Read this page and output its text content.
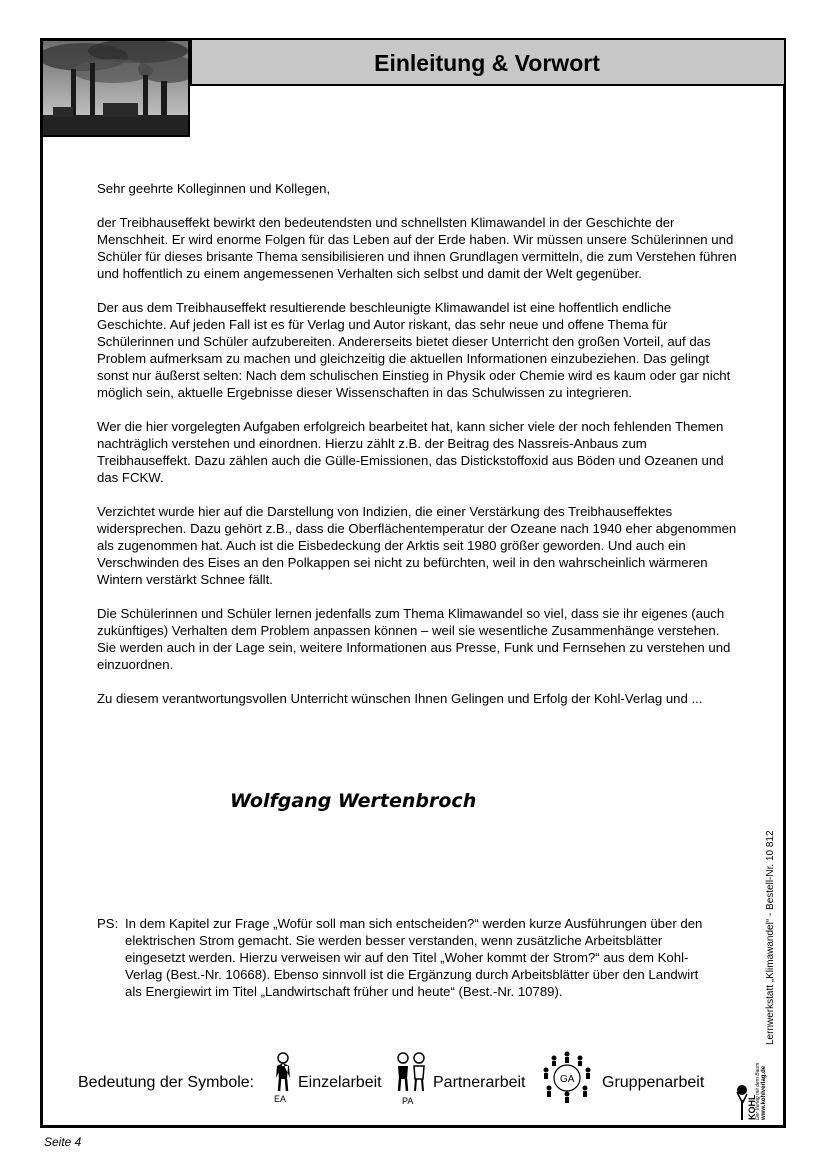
Einleitung & Vorwort

Sehr geehrte Kolleginnen und Kollegen,

der Treibhauseffekt bewirkt den bedeutendsten und schnellsten Klimawandel in der Geschichte der Menschheit. Er wird enorme Folgen für das Leben auf der Erde haben. Wir müssen unsere Schülerinnen und Schüler für dieses brisante Thema sensibilisieren und ihnen Grundlagen vermitteln, die zum Verstehen führen und hoffentlich zu einem angemessenen Verhalten sich selbst und damit der Welt gegenüber.

Der aus dem Treibhauseffekt resultierende beschleunigte Klimawandel ist eine hoffentlich endliche Geschichte. Auf jeden Fall ist es für Verlag und Autor riskant, das sehr neue und offene Thema für Schülerinnen und Schüler aufzubereiten. Andererseits bietet dieser Unterricht den großen Vorteil, auf das Problem aufmerksam zu machen und gleichzeitig die aktuellen Informationen einzubeziehen. Das gelingt sonst nur äußerst selten: Nach dem schulischen Einstieg in Physik oder Chemie wird es kaum oder gar nicht möglich sein, aktuelle Ergebnisse dieser Wissenschaften in das Schulwissen zu integrieren.

Wer die hier vorgelegten Aufgaben erfolgreich bearbeitet hat, kann sicher viele der noch fehlenden Themen nachträglich verstehen und einordnen. Hierzu zählt z.B. der Beitrag des Nassreis-Anbaus zum Treibhauseffekt. Dazu zählen auch die Gülle-Emissionen, das Distickstoffoxid aus Böden und Ozeanen und das FCKW.

Verzichtet wurde hier auf die Darstellung von Indizien, die einer Verstärkung des Treibhauseffektes widersprechen. Dazu gehört z.B., dass die Oberflächentemperatur der Ozeane nach 1940 eher abgenommen als zugenommen hat. Auch ist die Eisbedeckung der Arktis seit 1980 größer geworden. Und auch ein Verschwinden des Eises an den Polkappen sei nicht zu befürchten, weil in den wahrscheinlich wärmeren Wintern verstärkt Schnee fällt.

Die Schülerinnen und Schüler lernen jedenfalls zum Thema Klimawandel so viel, dass sie ihr eigenes (auch zukünftiges) Verhalten dem Problem anpassen können – weil sie wesentliche Zusammenhänge verstehen. Sie werden auch in der Lage sein, weitere Informationen aus Presse, Funk und Fernsehen zu verstehen und einzuordnen.

Zu diesem verantwortungsvollen Unterricht wünschen Ihnen Gelingen und Erfolg der Kohl-Verlag und ...

Wolfgang Wertenbroch
PS: In dem Kapitel zur Frage „Wofür soll man sich entscheiden?“ werden kurze Ausführungen über den elektrischen Strom gemacht. Sie werden besser verstanden, wenn zusätzliche Arbeitsblätter eingesetzt werden. Hierzu verweisen wir auf den Titel „Woher kommt der Strom?“ aus dem Kohl-Verlag (Best.-Nr. 10668). Ebenso sinnvoll ist die Ergänzung durch Arbeitsblätter über den Landwirt als Energiewirt im Titel „Landwirtschaft früher und heute“ (Best.-Nr. 10789).
Bedeutung der Symbole:
EA
Einzelarbeit
PA
Partnerarbeit	GA Gruppenarbeit
KOHL
Der Verlag mit dem Baum www.kohlverlag.de
Lernwerkstatt „Klimawandel“ - Bestell-Nr. 10 812
Seite 4
